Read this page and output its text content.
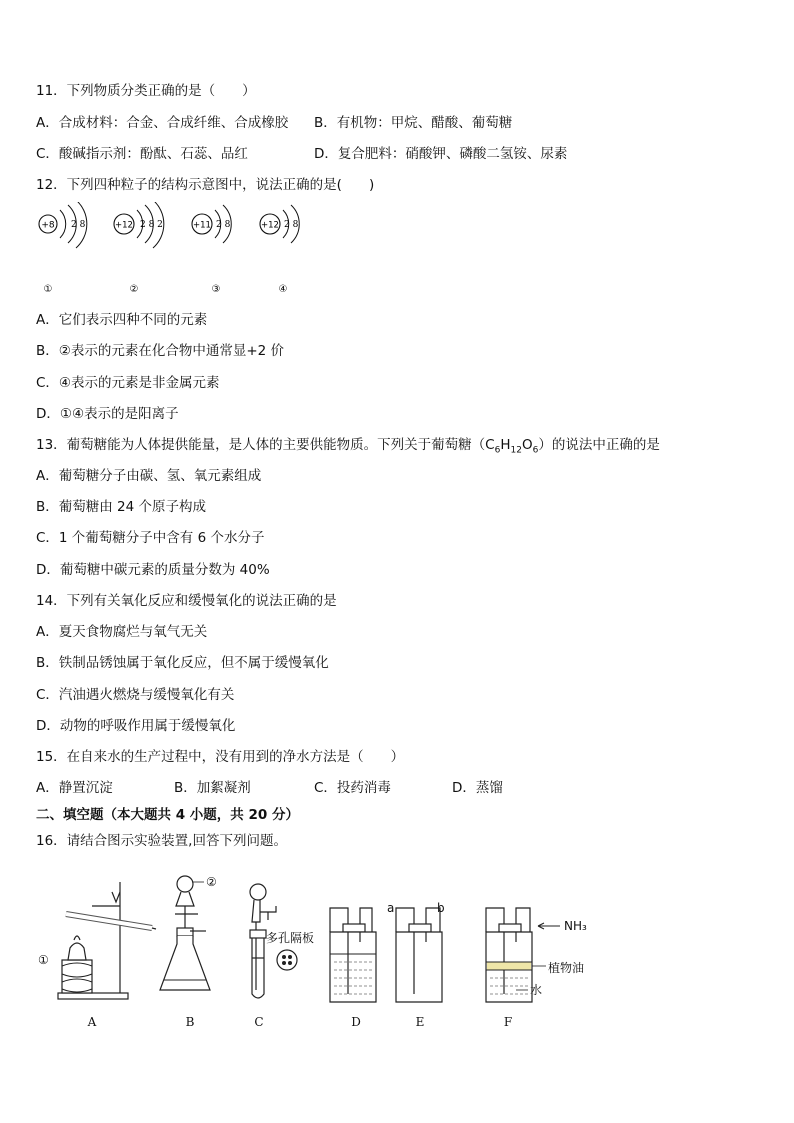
11．下列物质分类正确的是（　　）
A．合成材料：合金、合成纤维、合成橡胶 B．有机物：甲烷、醋酸、葡萄糖
C．酸碱指示剂：酚酞、石蕊、品红	D．复合肥料：硝酸钾、磷酸二氢铵、尿素
12．下列四种粒子的结构示意图中，说法正确的是(　　)
+8 2 8
①
+12 2 8 2
②
+11 2 8
③
+12 2 8
④
A．它们表示四种不同的元素
B．②表示的元素在化合物中通常显+2 价
C．④表示的元素是非金属元素
D．①④表示的是阳离子
13．葡萄糖能为人体提供能量，是人体的主要供能物质。下列关于葡萄糖$(C_6H_{12}O_6)$的说法中正确的是
A．葡萄糖分子由碳、氢、氧元素组成
B．葡萄糖由 24 个原子构成
C．1 个葡萄糖分子中含有 6 个水分子
D．葡萄糖中碳元素的质量分数为 40%
14．下列有关氧化反应和缓慢氧化的说法正确的是
A．夏天食物腐烂与氧气无关
B．铁制品锈蚀属于氧化反应，但不属于缓慢氧化
C．汽油遇火燃烧与缓慢氧化有关
D．动物的呼吸作用属于缓慢氧化
15．在自来水的生产过程中，没有用到的净水方法是（　　）
A．静置沉淀	B．加絮凝剂	C．投药消毒	D．蒸馏
二、填空题（本大题共 4 小题，共 20 分）
16．请结合图示实验装置,回答下列问题。
①
②
多孔隔板
a	b
NH₃
植物油
水
A	B	C	D	E	F
